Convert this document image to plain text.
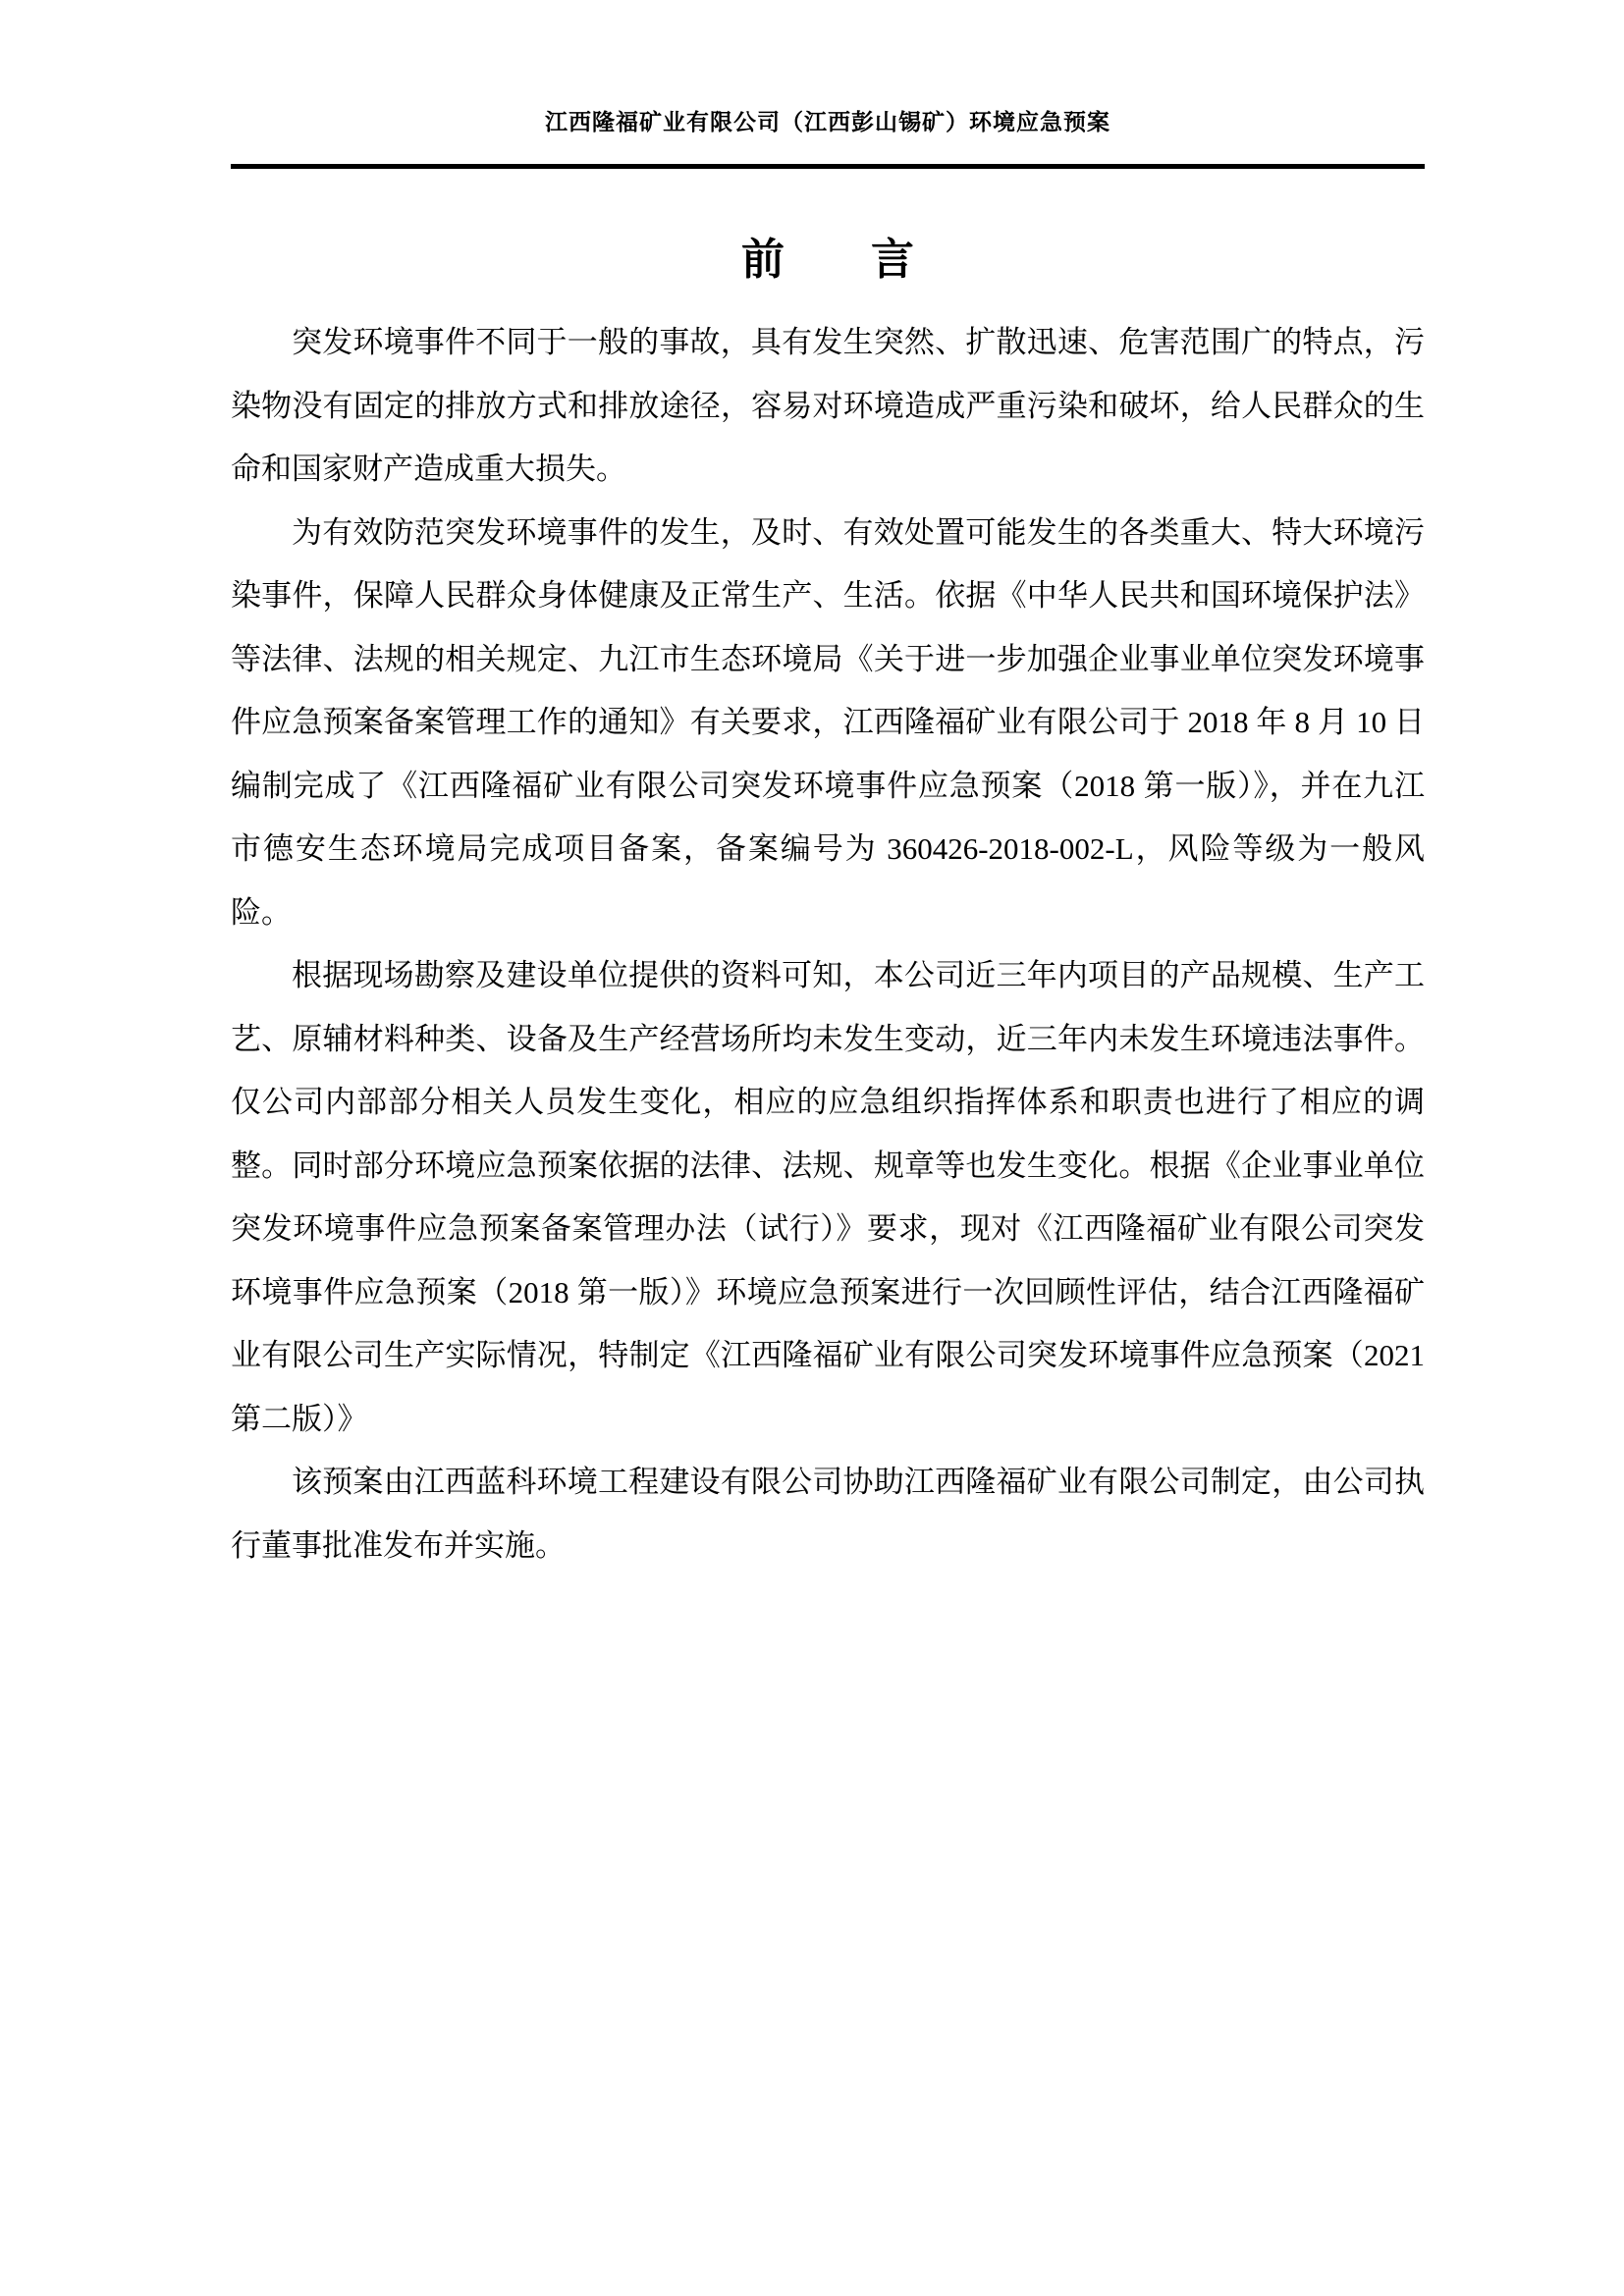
江西隆福矿业有限公司（江西彭山锡矿）环境应急预案
前　　言

突发环境事件不同于一般的事故，具有发生突然、扩散迅速、危害范围广的特点，污染物没有固定的排放方式和排放途径，容易对环境造成严重污染和破坏，给人民群众的生命和国家财产造成重大损失。

为有效防范突发环境事件的发生，及时、有效处置可能发生的各类重大、特大环境污染事件，保障人民群众身体健康及正常生产、生活。依据《中华人民共和国环境保护法》等法律、法规的相关规定、九江市生态环境局《关于进一步加强企业事业单位突发环境事件应急预案备案管理工作的通知》有关要求，江西隆福矿业有限公司于 2018 年 8 月 10 日编制完成了《江西隆福矿业有限公司突发环境事件应急预案（2018 第一版）》，并在九江市德安生态环境局完成项目备案，备案编号为 360426-2018-002-L，风险等级为一般风险。

根据现场勘察及建设单位提供的资料可知，本公司近三年内项目的产品规模、生产工艺、原辅材料种类、设备及生产经营场所均未发生变动，近三年内未发生环境违法事件。仅公司内部部分相关人员发生变化，相应的应急组织指挥体系和职责也进行了相应的调整。同时部分环境应急预案依据的法律、法规、规章等也发生变化。根据《企业事业单位突发环境事件应急预案备案管理办法（试行）》要求，现对《江西隆福矿业有限公司突发环境事件应急预案（2018 第一版）》环境应急预案进行一次回顾性评估，结合江西隆福矿业有限公司生产实际情况，特制定《江西隆福矿业有限公司突发环境事件应急预案（2021 第二版）》

该预案由江西蓝科环境工程建设有限公司协助江西隆福矿业有限公司制定，由公司执行董事批准发布并实施。
